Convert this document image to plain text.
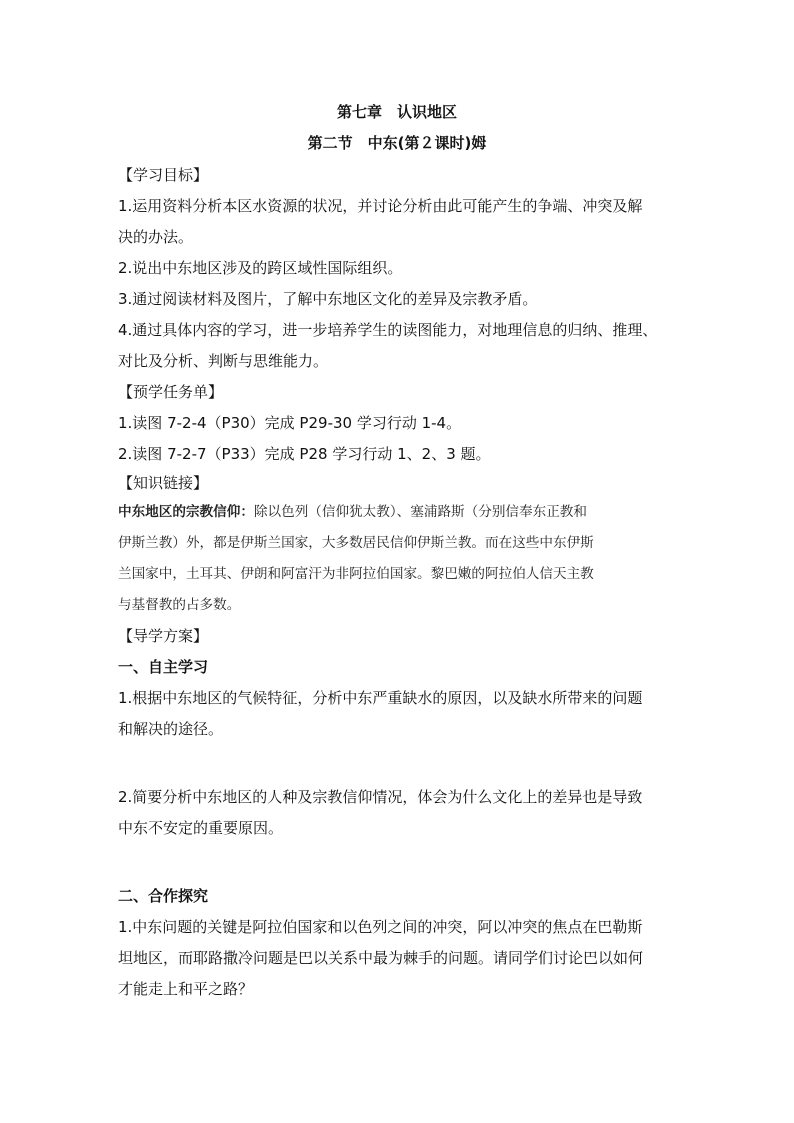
第七章　认识地区
第二节　中东(第２课时)姆
【学习目标】
1.运用资料分析本区水资源的状况，并讨论分析由此可能产生的争端、冲突及解
决的办法。
2.说出中东地区涉及的跨区域性国际组织。
3.通过阅读材料及图片，了解中东地区文化的差异及宗教矛盾。
4.通过具体内容的学习，进一步培养学生的读图能力，对地理信息的归纳、推理、
对比及分析、判断与思维能力。
【预学任务单】
1.读图 7-2-4（P30）完成 P29-30 学习行动 1-4。
2.读图 7-2-7（P33）完成 P28 学习行动 1、2、3 题。
【知识链接】
中东地区的宗教信仰：除以色列（信仰犹太教）、塞浦路斯（分别信奉东正教和
伊斯兰教）外，都是伊斯兰国家，大多数居民信仰伊斯兰教。而在这些中东伊斯
兰国家中，土耳其、伊朗和阿富汗为非阿拉伯国家。黎巴嫩的阿拉伯人信天主教
与基督教的占多数。
【导学方案】
一、自主学习
1.根据中东地区的气候特征，分析中东严重缺水的原因，以及缺水所带来的问题
和解决的途径。
2.简要分析中东地区的人种及宗教信仰情况，体会为什么文化上的差异也是导致
中东不安定的重要原因。
二、合作探究
1.中东问题的关键是阿拉伯国家和以色列之间的冲突，阿以冲突的焦点在巴勒斯
坦地区，而耶路撒冷问题是巴以关系中最为棘手的问题。请同学们讨论巴以如何
才能走上和平之路？
